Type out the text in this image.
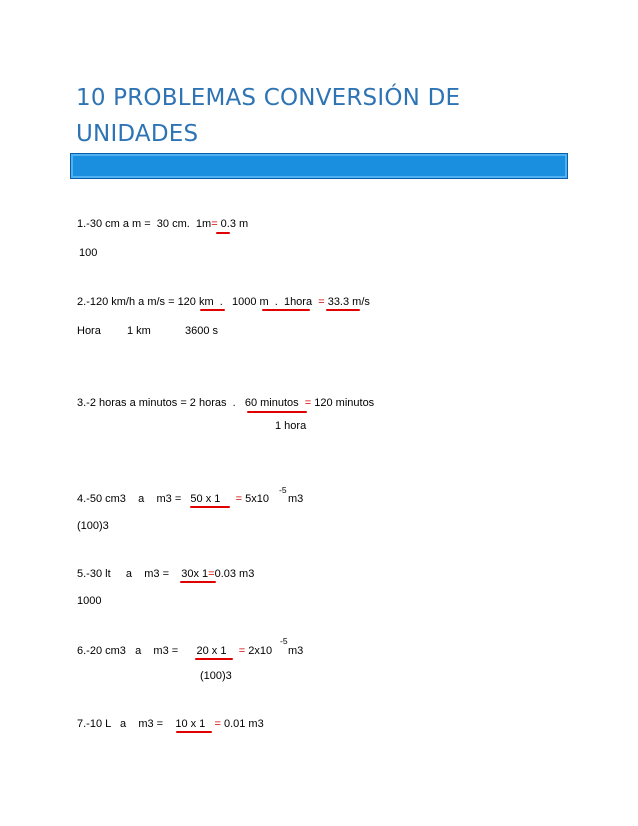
10 PROBLEMAS CONVERSIÓN DE UNIDADES
1.-30 cm a m =  30 cm.  1m= 0.3 m
100
2.-120 km/h a m/s = 120 km  .   1000 m  .  1hora  = 33.3 m/s
Hora 1 km	3600 s
3.-2 horas a minutos = 2 horas  .   60 minutos  = 120 minutos
1 hora
4.-50 cm3    a    m3 =   50 x 1     = 5x10
-5
m3
(100)3
5.-30 lt     a    m3 =    30x 1=0.03 m3
1000
6.-20 cm3   a    m3 =      20 x 1    = 2x10
-5
m3
(100)3
7.-10 L   a    m3 =    10 x 1   = 0.01 m3
